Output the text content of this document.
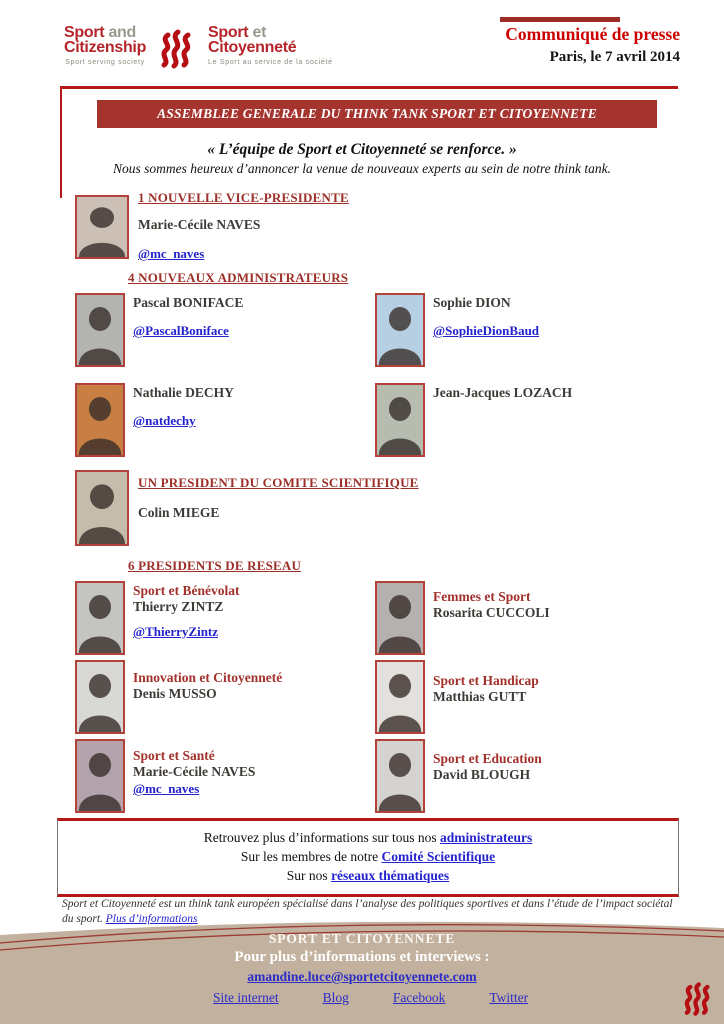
Sport and
Citizenship
Sport serving society
Sport et
Citoyenneté
Le Sport au service de la société
Communiqué de presse
Paris, le 7 avril 2014
ASSEMBLEE GENERALE DU THINK TANK SPORT ET CITOYENNETE
« L’équipe de Sport et Citoyenneté se renforce. »
Nous sommes heureux d’annoncer la venue de nouveaux experts au sein de notre think tank.
1 NOUVELLE VICE-PRESIDENTE
Marie-Cécile NAVES
@mc_naves
4 NOUVEAUX ADMINISTRATEURS
Pascal BONIFACE
@PascalBoniface
Sophie DION
@SophieDionBaud
Nathalie DECHY
@natdechy
Jean-Jacques LOZACH
UN PRESIDENT DU COMITE SCIENTIFIQUE
Colin MIEGE
6 PRESIDENTS DE RESEAU
Sport et Bénévolat
Thierry ZINTZ
@ThierryZintz
Femmes et Sport
Rosarita CUCCOLI
Innovation et Citoyenneté
Denis MUSSO
Sport et Handicap
Matthias GUTT
Sport et Santé
Marie-Cécile NAVES
@mc_naves
Sport et Education
David BLOUGH
Retrouvez plus d’informations sur tous nos administrateurs
Sur les membres de notre Comité Scientifique
Sur nos réseaux thématiques
Sport et Citoyenneté est un think tank européen spécialisé dans l’analyse des politiques sportives et dans l’étude de l’impact sociétal du sport. Plus d’informations
SPORT ET CITOYENNETE
Pour plus d’informations et interviews :
amandine.luce@sportetcitoyennete.com
Site internet	Blog	Facebook	Twitter
